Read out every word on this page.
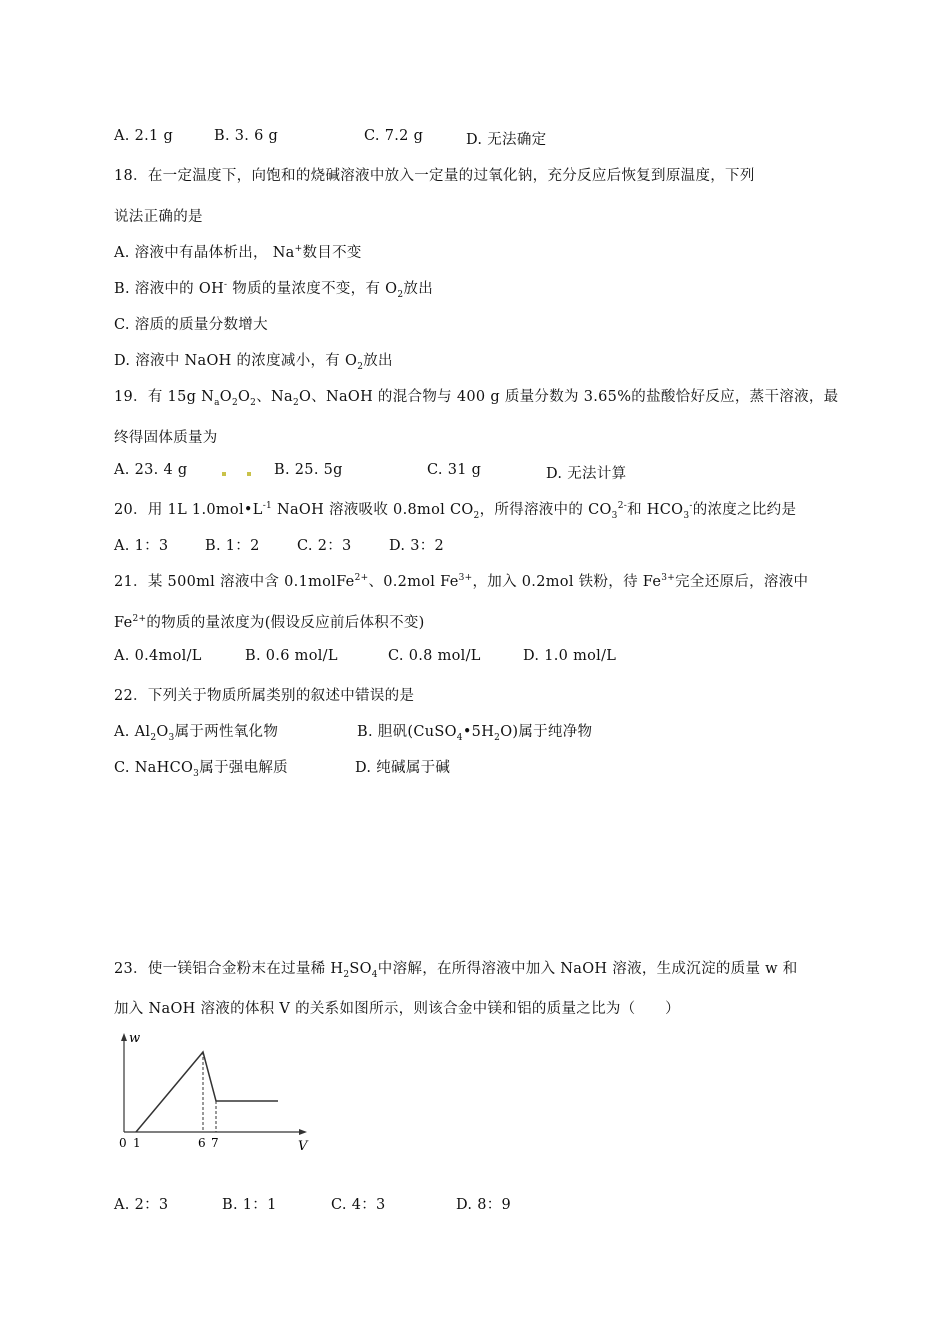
A. 2.1 g	B. 3. 6 g	C. 7.2 g	D. 无法确定
18．在一定温度下，向饱和的烧碱溶液中放入一定量的过氧化钠，充分反应后恢复到原温度，下列
说法正确的是
A. 溶液中有晶体析出， Na+数目不变
B. 溶液中的 OH- 物质的量浓度不变，有 $O_2$放出
C. 溶质的质量分数增大
D. 溶液中 NaOH 的浓度减小，有 $O_2$放出
19．有 15g $N_aO_2O_2$、$Na_2O$、NaOH 的混合物与 400 g 质量分数为 3.65%的盐酸恰好反应，蒸干溶液，最
终得固体质量为
A. 23. 4 g	B. 25. 5g	C. 31 g	D. 无法计算
20．用 1L $1.0mol•L^{-1}$ NaOH 溶液吸收 0.8mol $CO_2$，所得溶液中的 $CO_3^{2-}$和 $HCO_3^-$的浓度之比约是
A. 1：3	B. 1：2	C. 2：3	D. 3：2
21．某 500ml 溶液中含 0.1molFe$^{2+}$、0.2mol $Fe^{3+}$，加入 0.2mol 铁粉，待 $Fe^{3+}$完全还原后，溶液中
$Fe^{2+}$的物质的量浓度为(假设反应前后体积不变)
A. 0.4mol/L	B. 0.6 mol/L	C. 0.8 mol/L	D. 1.0 mol/L
22．下列关于物质所属类别的叙述中错误的是
A. $Al_2O_3$属于两性氧化物	B. 胆矾$(CuSO_4•5H_2O)$属于纯净物
C. NaHCO$_3$属于强电解质	D. 纯碱属于碱
23．使一镁铝合金粉末在过量稀 $H_2SO_4$中溶解，在所得溶液中加入 NaOH 溶液，生成沉淀的质量 w 和
加入 NaOH 溶液的体积 V 的关系如图所示，则该合金中镁和铝的质量之比为（　　）
w
V
0 1	6 7
A. 2：3	B. 1：1	C. 4：3	D. 8：9
